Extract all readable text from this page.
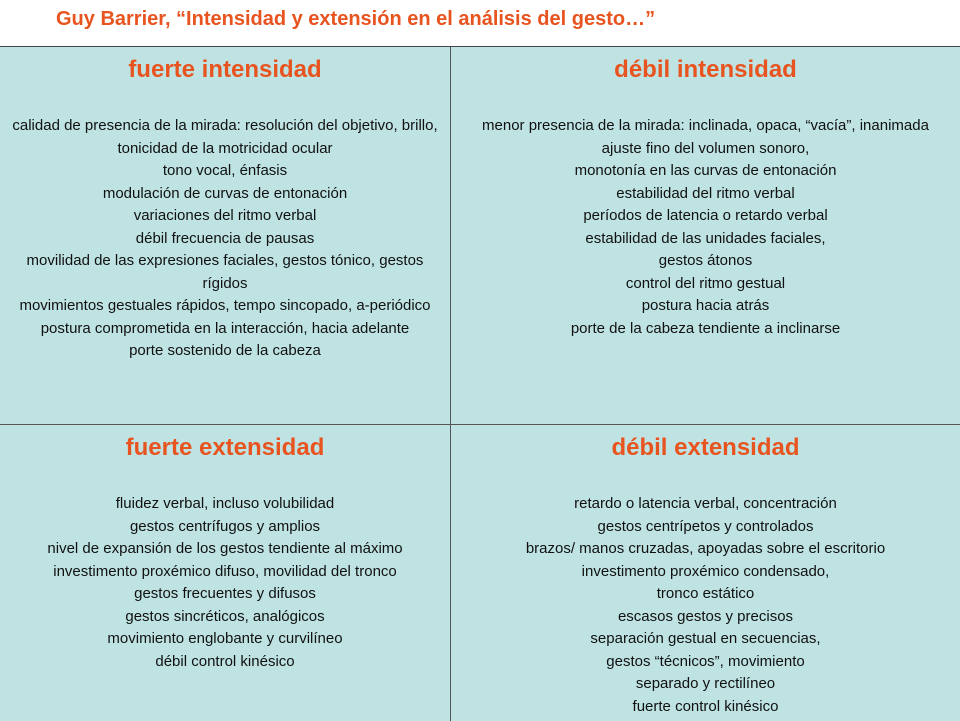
Guy Barrier, “Intensidad y extensión en el análisis del gesto…”
fuerte intensidad
calidad de presencia de la mirada: resolución del objetivo, brillo, tonicidad de la motricidad ocular
tono vocal, énfasis
modulación de curvas de entonación
variaciones del ritmo verbal
débil frecuencia de pausas
movilidad de las expresiones faciales, gestos tónico, gestos rígidos
movimientos gestuales rápidos, tempo sincopado, a-periódico
postura comprometida en la interacción, hacia adelante
porte sostenido de la cabeza
débil intensidad
menor presencia de la mirada: inclinada, opaca, “vacía”, inanimada
ajuste fino del volumen sonoro,
monotonía en las curvas de entonación
estabilidad del ritmo verbal
períodos de latencia o retardo verbal
estabilidad de las unidades faciales,
gestos átonos
control del ritmo gestual
postura hacia atrás
porte de la cabeza tendiente a inclinarse
fuerte extensidad
fluidez verbal, incluso volubilidad
gestos centrífugos y amplios
nivel de expansión de los gestos tendiente al máximo
investimento proxémico difuso, movilidad del tronco
gestos frecuentes y difusos
gestos sincréticos, analógicos
movimiento englobante y curvilíneo
débil control kinésico
débil extensidad
retardo o latencia verbal, concentración
gestos centrípetos y controlados
brazos/ manos cruzadas, apoyadas sobre el escritorio
investimento proxémico condensado,
tronco estático
escasos gestos y precisos
separación gestual en secuencias,
gestos “técnicos”, movimiento
separado y rectilíneo
fuerte control kinésico
